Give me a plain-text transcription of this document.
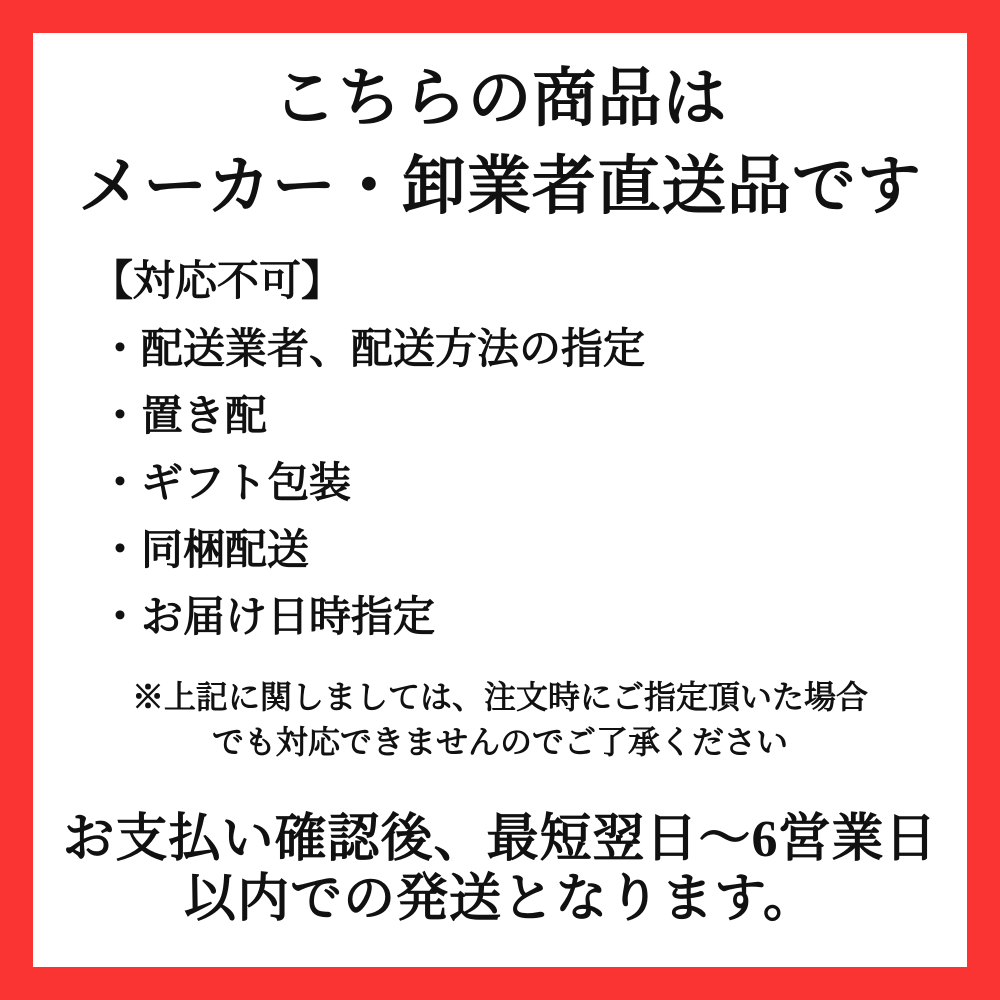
こちらの商品は
メーカー・卸業者直送品です
【対応不可】
・配送業者、配送方法の指定
・置き配
・ギフト包装
・同梱配送
・お届け日時指定

※上記に関しましては、注文時にご指定頂いた場合
でも対応できませんのでご了承ください

お支払い確認後、最短翌日〜6営業日
以内での発送となります。
